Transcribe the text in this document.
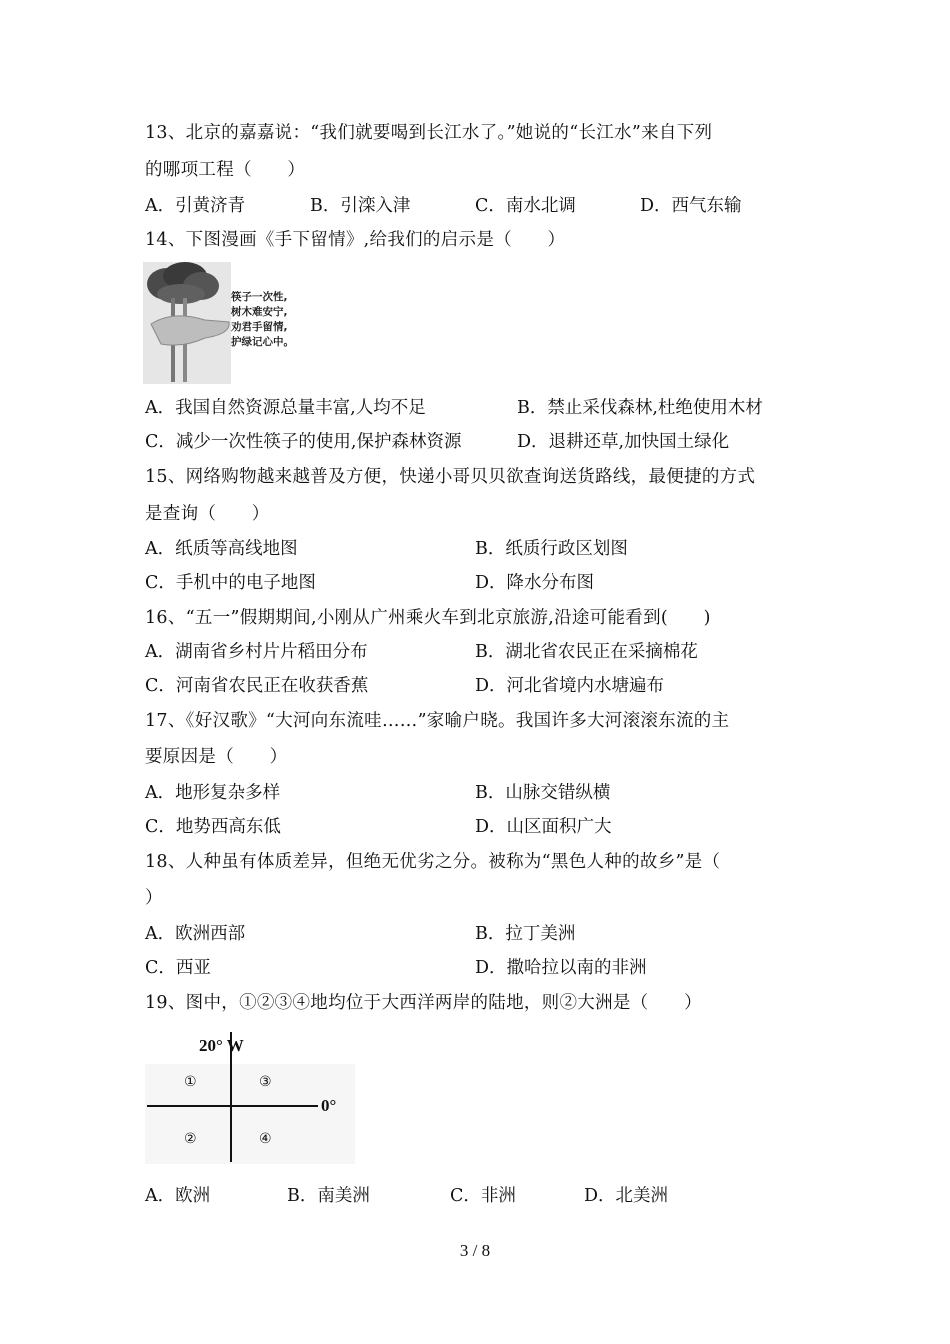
13、北京的嘉嘉说：“我们就要喝到长江水了。”她说的“长江水”来自下列
的哪项工程（　　）
A．引黄济青	B．引滦入津	C．南水北调	D．西气东输
14、下图漫画《手下留情》,给我们的启示是（　　）
筷子一次性,
树木难安宁,
劝君手留情,
护绿记心中。
A．我国自然资源总量丰富,人均不足	B．禁止采伐森林,杜绝使用木材
C．减少一次性筷子的使用,保护森林资源	D．退耕还草,加快国土绿化
15、网络购物越来越普及方便，快递小哥贝贝欲查询送货路线，最便捷的方式
是查询（　　）
A．纸质等高线地图	B．纸质行政区划图
C．手机中的电子地图	D．降水分布图
16、“五一”假期期间,小刚从广州乘火车到北京旅游,沿途可能看到(　　)
A．湖南省乡村片片稻田分布	B．湖北省农民正在采摘棉花
C．河南省农民正在收获香蕉	D．河北省境内水塘遍布
17、《好汉歌》“大河向东流哇……”家喻户晓。我国许多大河滚滚东流的主
要原因是（　　）
A．地形复杂多样	B．山脉交错纵横
C．地势西高东低	D．山区面积广大
18、人种虽有体质差异，但绝无优劣之分。被称为“黑色人种的故乡”是（
）
A．欧洲西部	B．拉丁美洲
C．西亚	D．撒哈拉以南的非洲
19、图中，①②③④地均位于大西洋两岸的陆地，则②大洲是（　　）
20° W
0°
①	③
②	④
A．欧洲	B．南美洲	C．非洲	D．北美洲
3 / 8
